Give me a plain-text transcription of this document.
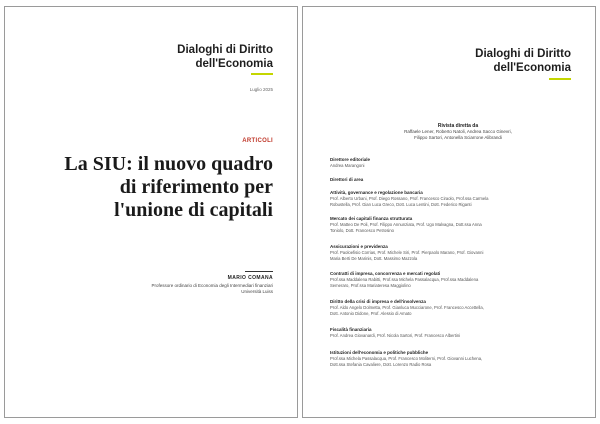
Dialoghi di Diritto
dell'Economia
Luglio 2025
ARTICOLI
La SIU: il nuovo quadro di riferimento per l'unione di capitali
MARIO COMANA
Professore ordinario di Economia degli Intermediari finanziari
Università Luiss
Dialoghi di Diritto
dell'Economia
Rivista diretta da
Raffaele Lener, Roberto Natoli, Andrea Sacco Ginevri,
Filippo Sartori, Antonella Sciarrone Alibrandi
Direttore editoriale
Andrea Marangoni
Direttori di area
Attività, governance e regolazione bancaria
Prof. Alberto Urbani, Prof. Diego Rossano, Prof. Francesco Ciraolo, Prof.ssa Carmela
Robustella, Prof. Gian Luca Greco, Dott. Luca Lentini, Dott. Federico Riganti
Mercato dei capitali finanza strutturata
Prof. Matteo De Poli, Prof. Filippo Annunziata, Prof. Ugo Malvagna, Dott.ssa Anna
Toniolo, Dott. Francesco Petrosino
Assicurazioni e previdenza
Prof. Paoloefisio Corrias, Prof. Michele Siri, Prof. Pierpaolo Marano, Prof. Giovanni
Maria Berti De Marinis, Dott. Massimo Mazzola
Contratti di impresa, concorrenza e mercati regolati
Prof.ssa Maddalena Rabitti, Prof.ssa Michela Passalacqua, Prof.ssa Maddalena
Semeraro, Prof.ssa Mariateresa Maggiolino
Diritto della crisi di impresa e dell'insolvenza
Prof. Aldo Angelo Dolmetta, Prof. Gianluca Mucciarone, Prof. Francesco Accettella,
Dott. Antonio Didone, Prof. Alessio di Amato
Fiscalità finanziaria
Prof. Andrea Giovanardi, Prof. Nicola Sartori, Prof. Francesco Albertini
Istituzioni dell'economia e politiche pubbliche
Prof.ssa Michela Passalacqua, Prof. Francesco Moliterni, Prof. Giovanni Luchena,
Dott.ssa Stefania Cavaliere, Dott. Lorenzo Radio Rosa
